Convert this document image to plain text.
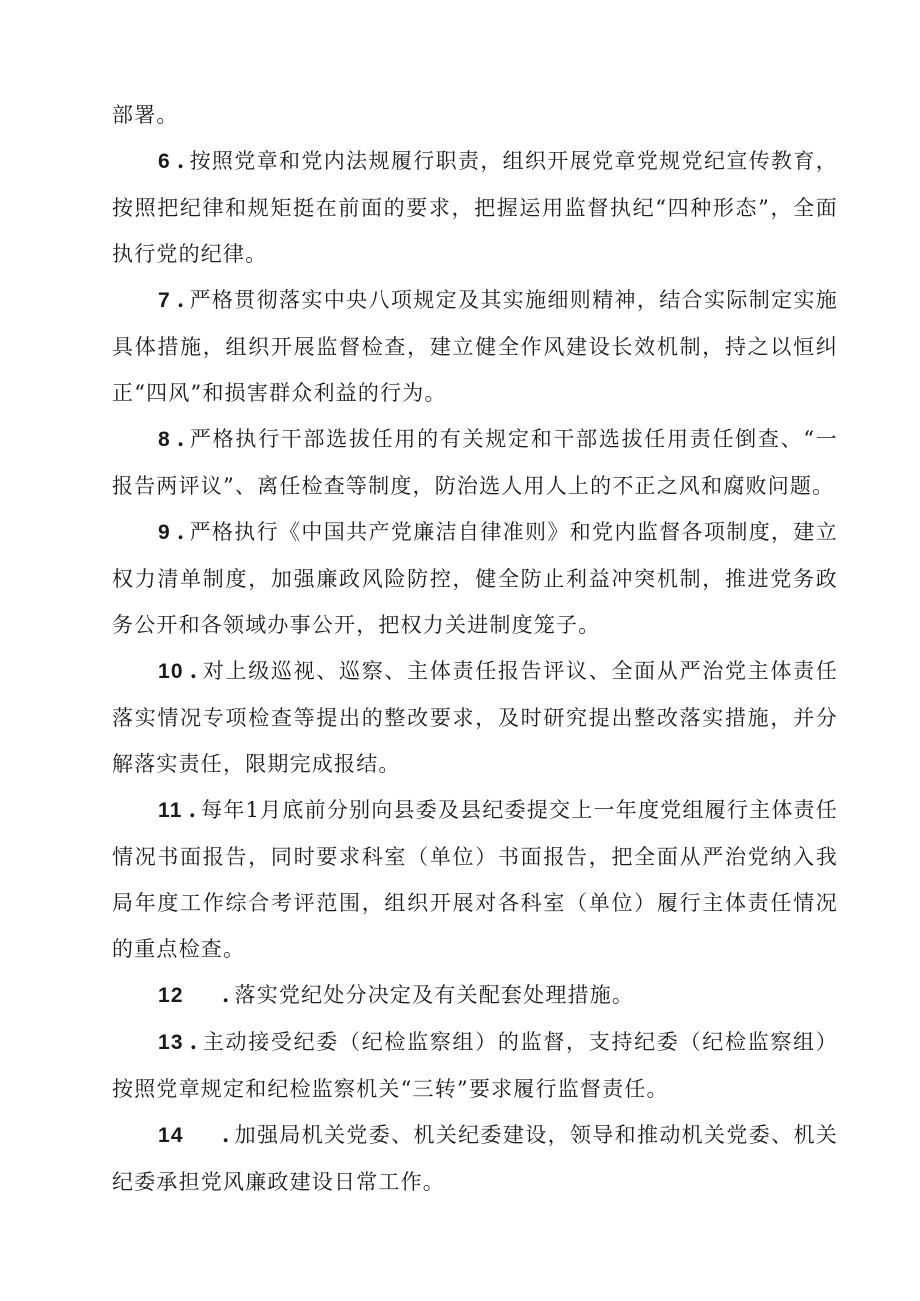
部署。

6 . 按照党章和党内法规履行职责，组织开展党章党规党纪宣传教育，按照把纪律和规矩挺在前面的要求，把握运用监督执纪“四种形态”，全面执行党的纪律。

7 . 严格贯彻落实中央八项规定及其实施细则精神，结合实际制定实施具体措施，组织开展监督检查，建立健全作风建设长效机制，持之以恒纠正“四风”和损害群众利益的行为。

8 . 严格执行干部选拔任用的有关规定和干部选拔任用责任倒查、“一报告两评议”、离任检查等制度，防治选人用人上的不正之风和腐败问题。

9 . 严格执行《中国共产党廉洁自律准则》和党内监督各项制度，建立权力清单制度，加强廉政风险防控，健全防止利益冲突机制，推进党务政务公开和各领域办事公开，把权力关进制度笼子。

10 . 对上级巡视、巡察、主体责任报告评议、全面从严治党主体责任落实情况专项检查等提出的整改要求，及时研究提出整改落实措施，并分解落实责任，限期完成报结。

11 . 每年1月底前分别向县委及县纪委提交上一年度党组履行主体责任情况书面报告，同时要求科室（单位）书面报告，把全面从严治党纳入我局年度工作综合考评范围，组织开展对各科室（单位）履行主体责任情况的重点检查。

12 . 落实党纪处分决定及有关配套处理措施。

13 . 主动接受纪委（纪检监察组）的监督，支持纪委（纪检监察组）按照党章规定和纪检监察机关“三转”要求履行监督责任。

14 . 加强局机关党委、机关纪委建设，领导和推动机关党委、机关纪委承担党风廉政建设日常工作。
